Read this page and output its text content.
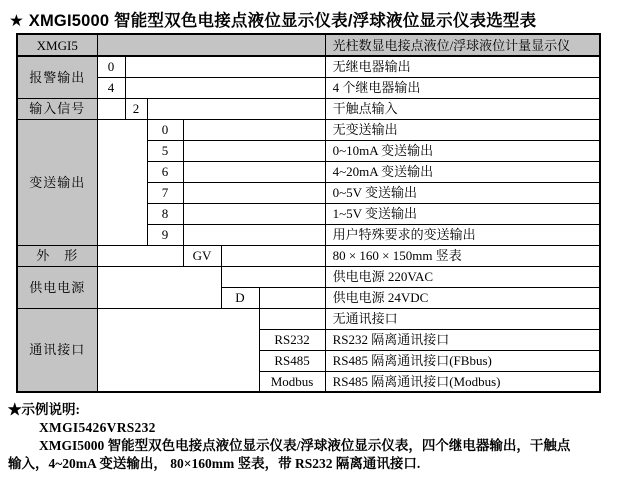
★ XMGI5000 智能型双色电接点液位显示仪表/浮球液位显示仪表选型表
XMGI5							光柱数显电接点液位/浮球液位计量显示仪
报警输出	0						无继电器输出
	4						4 个继电器输出
输入信号		2					干触点输入
变送输出			0				无变送输出
			5				0~10mA 变送输出
			6				4~20mA 变送输出
			7				0~5V 变送输出
			8				1~5V 变送输出
			9				用户特殊要求的变送输出
外　形				GV			80 × 160 × 150mm 竖表
供电电源							供电电源 220VAC
					D		供电电源 24VDC
通讯接口							无通讯接口
						RS232	RS232 隔离通讯接口
						RS485	RS485 隔离通讯接口(FBbus)
						Modbus	RS485 隔离通讯接口(Modbus)
★示例说明:
XMGI5426VRS232
XMGI5000 智能型双色电接点液位显示仪表/浮球液位显示仪表，四个继电器输出，干触点
输入，4~20mA 变送输出， 80×160mm 竖表，带 RS232 隔离通讯接口.
